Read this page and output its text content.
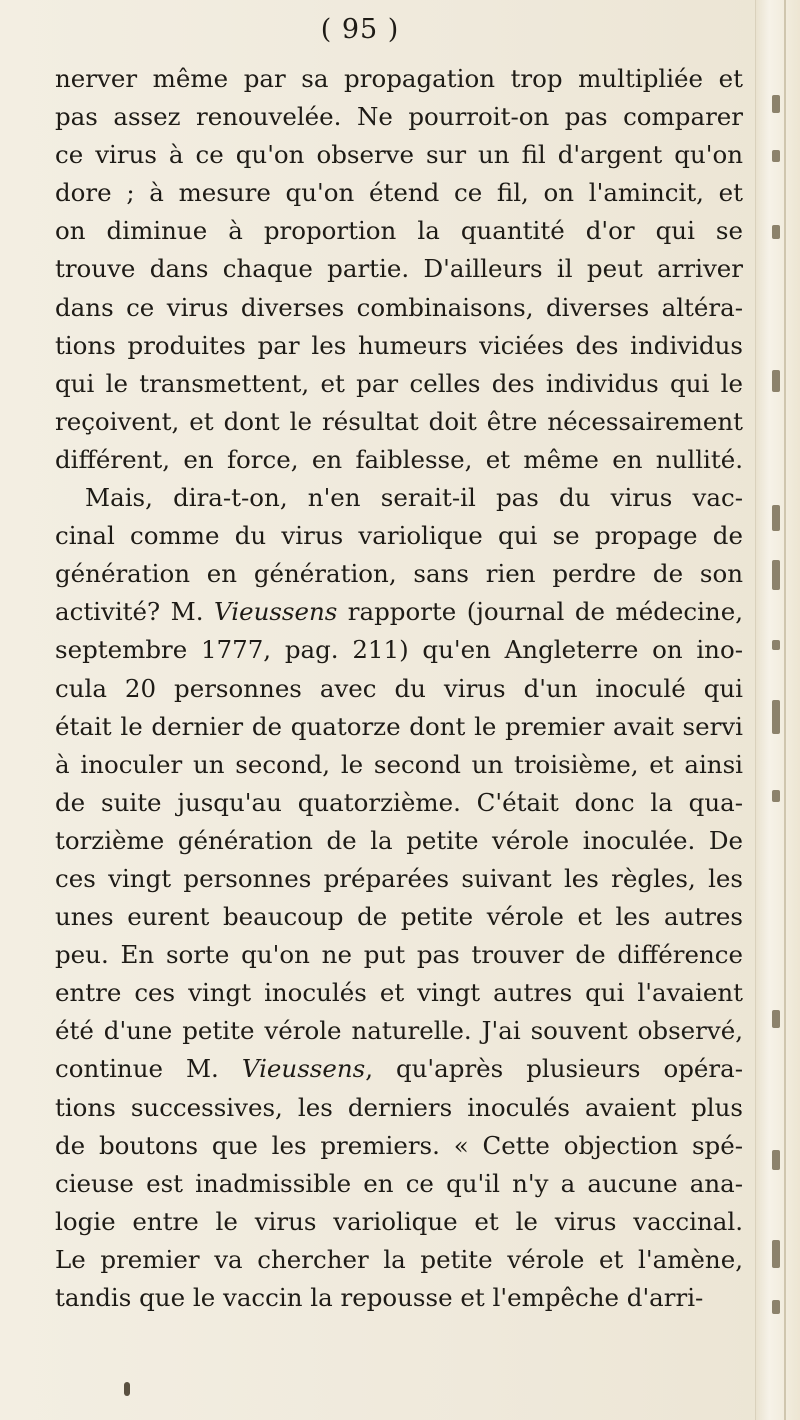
( 95 )
nerver même par sa propagation trop multipliée et
pas assez renouvelée. Ne pourroit-on pas comparer
ce virus à ce qu'on observe sur un fil d'argent qu'on
dore ; à mesure qu'on étend ce fil, on l'amincit, et
on diminue à proportion la quantité d'or qui se
trouve dans chaque partie. D'ailleurs il peut arriver
dans ce virus diverses combinaisons, diverses altéra-
tions produites par les humeurs viciées des individus
qui le transmettent, et par celles des individus qui le
reçoivent, et dont le résultat doit être nécessairement
différent, en force, en faiblesse, et même en nullité.
Mais, dira-t-on, n'en serait-il pas du virus vac-
cinal comme du virus variolique qui se propage de
génération en génération, sans rien perdre de son
activité? M. Vieussens rapporte (journal de médecine,
septembre 1777, pag. 211) qu'en Angleterre on ino-
cula 20 personnes avec du virus d'un inoculé qui
était le dernier de quatorze dont le premier avait servi
à inoculer un second, le second un troisième, et ainsi
de suite jusqu'au quatorzième. C'était donc la qua-
torzième génération de la petite vérole inoculée. De
ces vingt personnes préparées suivant les règles, les
unes eurent beaucoup de petite vérole et les autres
peu. En sorte qu'on ne put pas trouver de différence
entre ces vingt inoculés et vingt autres qui l'avaient
été d'une petite vérole naturelle. J'ai souvent observé,
continue M. Vieussens, qu'après plusieurs opéra-
tions successives, les derniers inoculés avaient plus
de boutons que les premiers. « Cette objection spé-
cieuse est inadmissible en ce qu'il n'y a aucune ana-
logie entre le virus variolique et le virus vaccinal.
Le premier va chercher la petite vérole et l'amène,
tandis que le vaccin la repousse et l'empêche d'arri-
